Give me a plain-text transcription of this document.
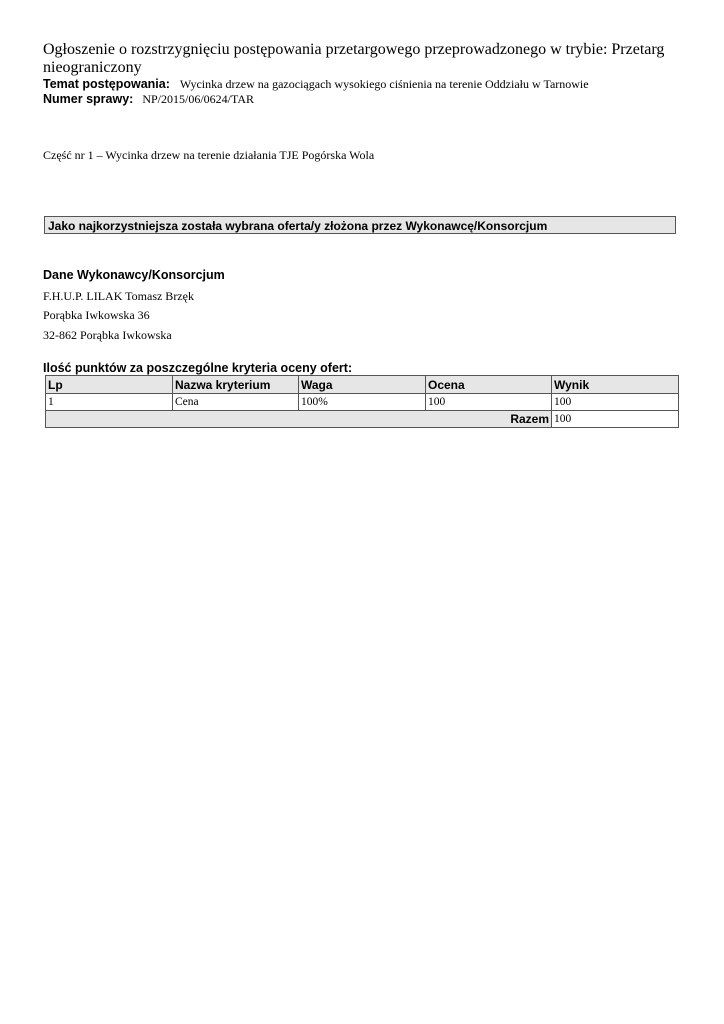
Ogłoszenie o rozstrzygnięciu postępowania przetargowego przeprowadzonego w trybie: Przetarg nieograniczony
Temat postępowania: Wycinka drzew na gazociągach wysokiego ciśnienia na terenie Oddziału w Tarnowie
Numer sprawy: NP/2015/06/0624/TAR
Część nr 1 – Wycinka drzew na terenie działania TJE Pogórska Wola
Jako najkorzystniejsza została wybrana oferta/y złożona przez Wykonawcę/Konsorcjum
Dane Wykonawcy/Konsorcjum
F.H.U.P. LILAK Tomasz Brzęk
Porąbka Iwkowska 36
32-862 Porąbka Iwkowska
Ilość punktów za poszczególne kryteria oceny ofert:
Lp	Nazwa kryterium	Waga	Ocena	Wynik
1	Cena	100%	100	100
Razem				100
